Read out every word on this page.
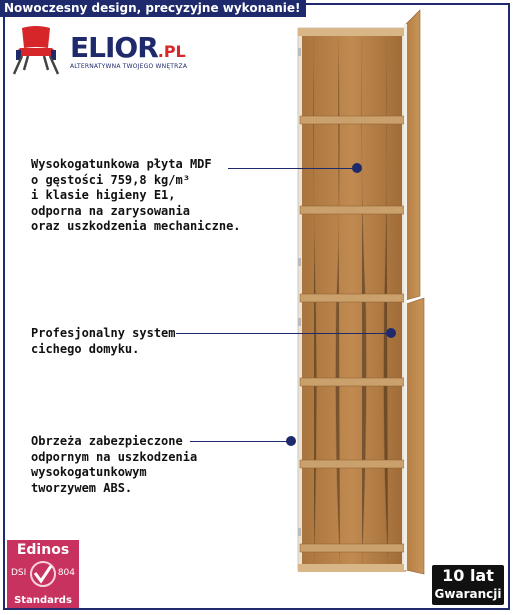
Nowoczesny design, precyzyjne wykonanie!
ELIOR.PL
ALTERNATYWNA TWOJEGO WNĘTRZA
Wysokogatunkowa płyta MDF
o gęstości 759,8 kg/m³
i klasie higieny E1,
odporna na zarysowania
oraz uszkodzenia mechaniczne.
Profesjonalny system
cichego domyku.
Obrzeża zabezpieczone
odpornym na uszkodzenia
wysokogatunkowym
tworzywem ABS.
Edinos
DSI	804
Standards
10 lat
Gwarancji
